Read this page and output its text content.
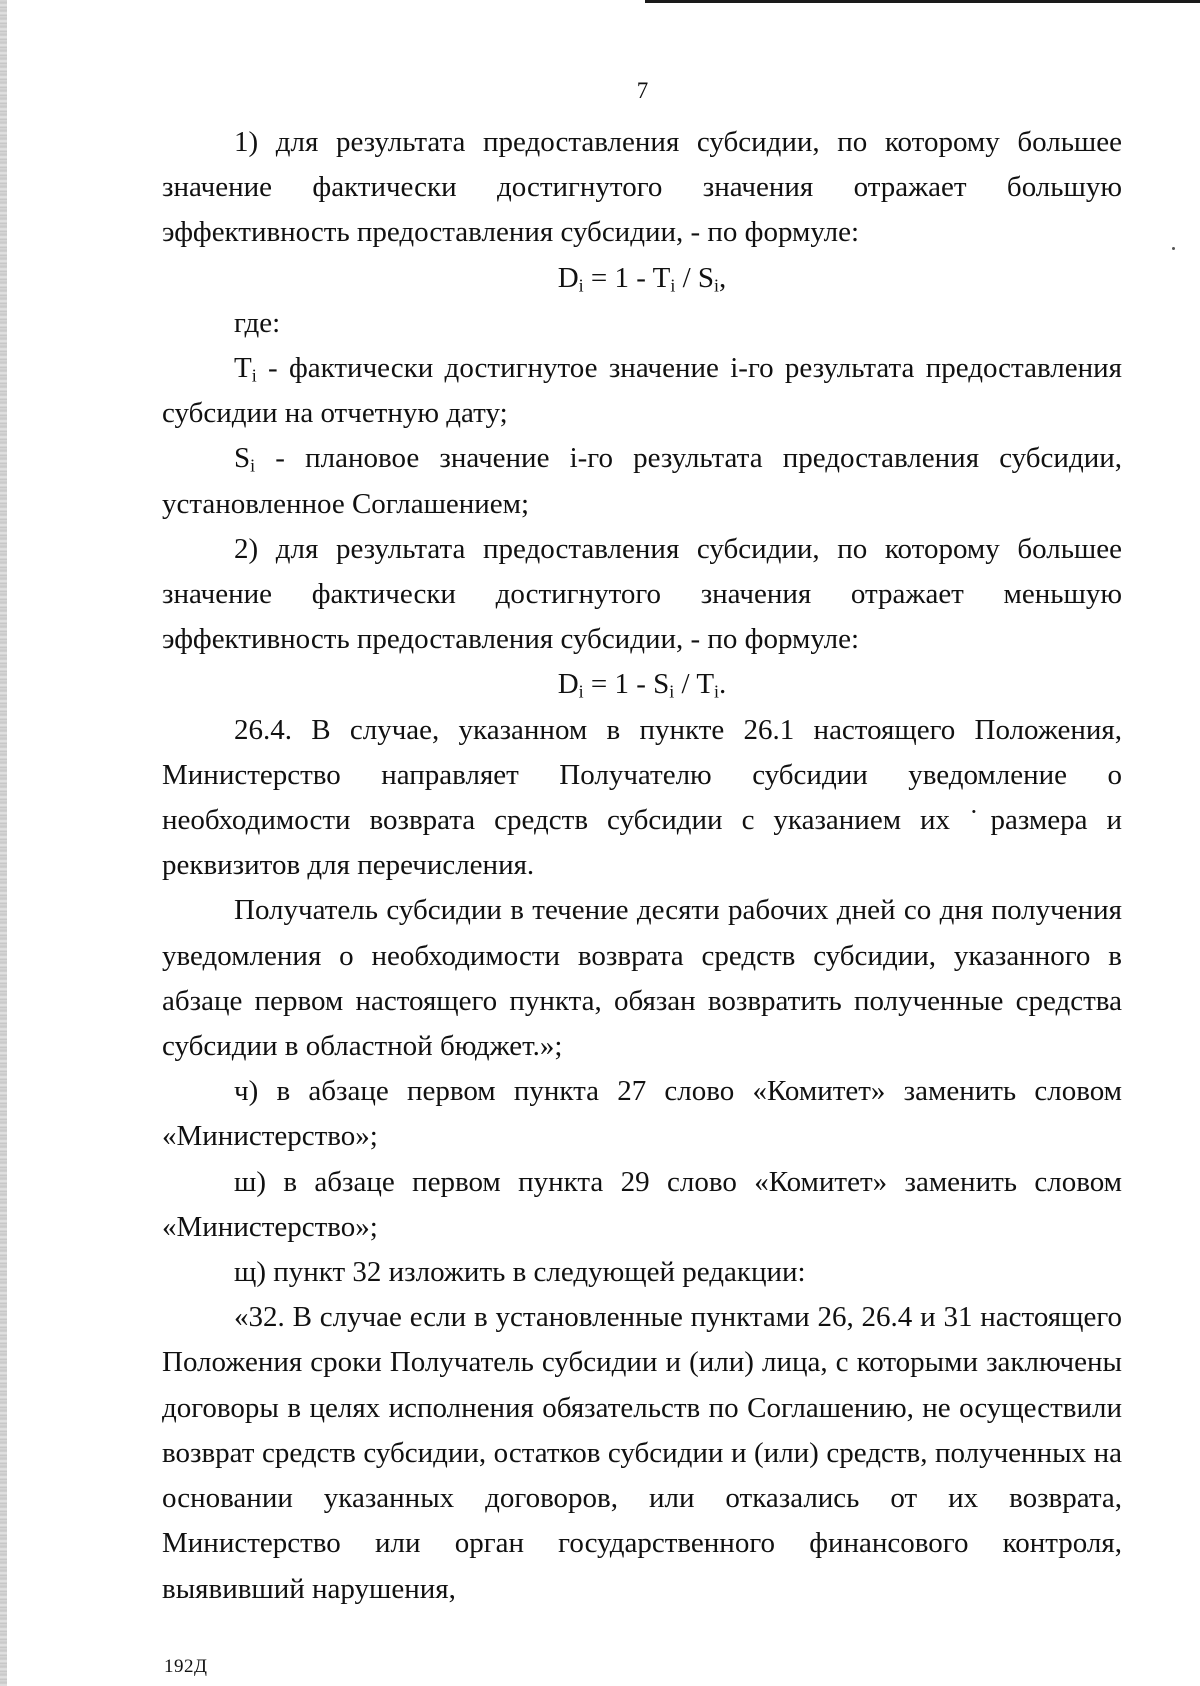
7

1) для результата предоставления субсидии, по которому большее значение фактически достигнутого значения отражает большую эффективность предоставления субсидии, - по формуле:

$D_i = 1 - T_i / S_i$,

где:

$T_i$ - фактически достигнутое значение i-го результата предоставления субсидии на отчетную дату;

$S_i$ - плановое значение i-го результата предоставления субсидии, установленное Соглашением;

2) для результата предоставления субсидии, по которому большее значение фактически достигнутого значения отражает меньшую эффективность предоставления субсидии, - по формуле:

$D_i = 1 - S_i / T_i$.

26.4. В случае, указанном в пункте 26.1 настоящего Положения, Министерство направляет Получателю субсидии уведомление о необходимости возврата средств субсидии с указанием их ˙размера и реквизитов для перечисления.

Получатель субсидии в течение десяти рабочих дней со дня получения уведомления о необходимости возврата средств субсидии, указанного в абзаце первом настоящего пункта, обязан возвратить полученные средства субсидии в областной бюджет.»;

ч) в абзаце первом пункта 27 слово «Комитет» заменить словом «Министерство»;

ш) в абзаце первом пункта 29 слово «Комитет» заменить словом «Министерство»;

щ) пункт 32 изложить в следующей редакции:

«32. В случае если в установленные пунктами 26, 26.4 и 31 настоящего Положения сроки Получатель субсидии и (или) лица, с которыми заключены договоры в целях исполнения обязательств по Соглашению, не осуществили возврат средств субсидии, остатков субсидии и (или) средств, полученных на основании указанных договоров, или отказались от их возврата, Министерство или орган государственного финансового контроля, выявивший нарушения,

192Д
